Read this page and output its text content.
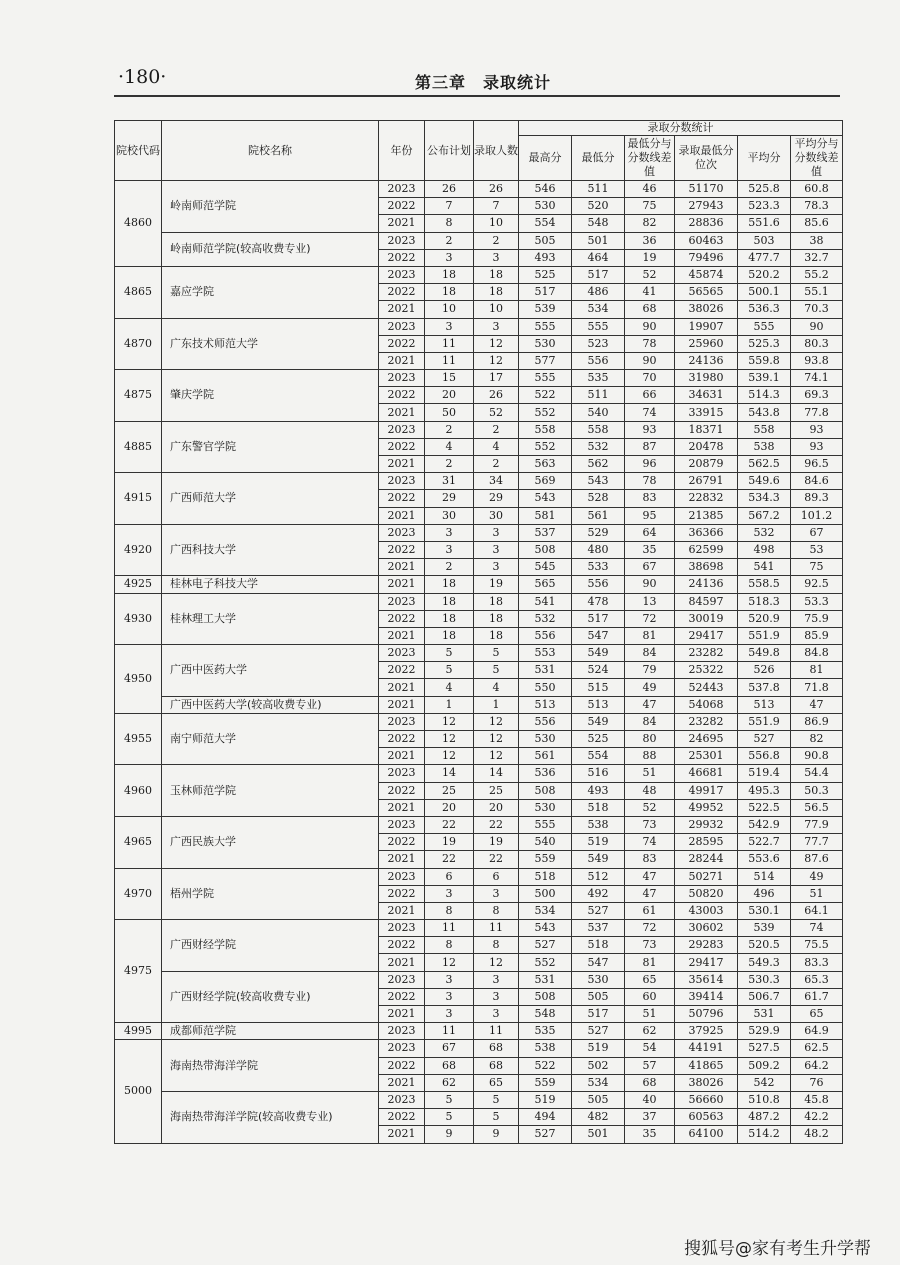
·180·	第三章　录取统计
院校代码	院校名称	年份	公布计划	录取人数	录取分数统计					
					最高分	最低分	最低分与分数线差值	录取最低分位次	平均分	平均分与分数线差值
4860	岭南师范学院	2023	26	26	546	511	46	51170	525.8	60.8
		2022	7	7	530	520	75	27943	523.3	78.3
		2021	8	10	554	548	82	28836	551.6	85.6
	岭南师范学院(较高收费专业)	2023	2	2	505	501	36	60463	503	38
		2022	3	3	493	464	19	79496	477.7	32.7
4865	嘉应学院	2023	18	18	525	517	52	45874	520.2	55.2
		2022	18	18	517	486	41	56565	500.1	55.1
		2021	10	10	539	534	68	38026	536.3	70.3
4870	广东技术师范大学	2023	3	3	555	555	90	19907	555	90
		2022	11	12	530	523	78	25960	525.3	80.3
		2021	11	12	577	556	90	24136	559.8	93.8
4875	肇庆学院	2023	15	17	555	535	70	31980	539.1	74.1
		2022	20	26	522	511	66	34631	514.3	69.3
		2021	50	52	552	540	74	33915	543.8	77.8
4885	广东警官学院	2023	2	2	558	558	93	18371	558	93
		2022	4	4	552	532	87	20478	538	93
		2021	2	2	563	562	96	20879	562.5	96.5
4915	广西师范大学	2023	31	34	569	543	78	26791	549.6	84.6
		2022	29	29	543	528	83	22832	534.3	89.3
		2021	30	30	581	561	95	21385	567.2	101.2
4920	广西科技大学	2023	3	3	537	529	64	36366	532	67
		2022	3	3	508	480	35	62599	498	53
		2021	2	3	545	533	67	38698	541	75
4925	桂林电子科技大学	2021	18	19	565	556	90	24136	558.5	92.5
4930	桂林理工大学	2023	18	18	541	478	13	84597	518.3	53.3
		2022	18	18	532	517	72	30019	520.9	75.9
		2021	18	18	556	547	81	29417	551.9	85.9
4950	广西中医药大学	2023	5	5	553	549	84	23282	549.8	84.8
		2022	5	5	531	524	79	25322	526	81
		2021	4	4	550	515	49	52443	537.8	71.8
	广西中医药大学(较高收费专业)	2021	1	1	513	513	47	54068	513	47
4955	南宁师范大学	2023	12	12	556	549	84	23282	551.9	86.9
		2022	12	12	530	525	80	24695	527	82
		2021	12	12	561	554	88	25301	556.8	90.8
4960	玉林师范学院	2023	14	14	536	516	51	46681	519.4	54.4
		2022	25	25	508	493	48	49917	495.3	50.3
		2021	20	20	530	518	52	49952	522.5	56.5
4965	广西民族大学	2023	22	22	555	538	73	29932	542.9	77.9
		2022	19	19	540	519	74	28595	522.7	77.7
		2021	22	22	559	549	83	28244	553.6	87.6
4970	梧州学院	2023	6	6	518	512	47	50271	514	49
		2022	3	3	500	492	47	50820	496	51
		2021	8	8	534	527	61	43003	530.1	64.1
4975	广西财经学院	2023	11	11	543	537	72	30602	539	74
		2022	8	8	527	518	73	29283	520.5	75.5
		2021	12	12	552	547	81	29417	549.3	83.3
	广西财经学院(较高收费专业)	2023	3	3	531	530	65	35614	530.3	65.3
		2022	3	3	508	505	60	39414	506.7	61.7
		2021	3	3	548	517	51	50796	531	65
4995	成都师范学院	2023	11	11	535	527	62	37925	529.9	64.9
5000	海南热带海洋学院	2023	67	68	538	519	54	44191	527.5	62.5
		2022	68	68	522	502	57	41865	509.2	64.2
		2021	62	65	559	534	68	38026	542	76
	海南热带海洋学院(较高收费专业)	2023	5	5	519	505	40	56660	510.8	45.8
		2022	5	5	494	482	37	60563	487.2	42.2
		2021	9	9	527	501	35	64100	514.2	48.2
搜狐号@家有考生升学帮
